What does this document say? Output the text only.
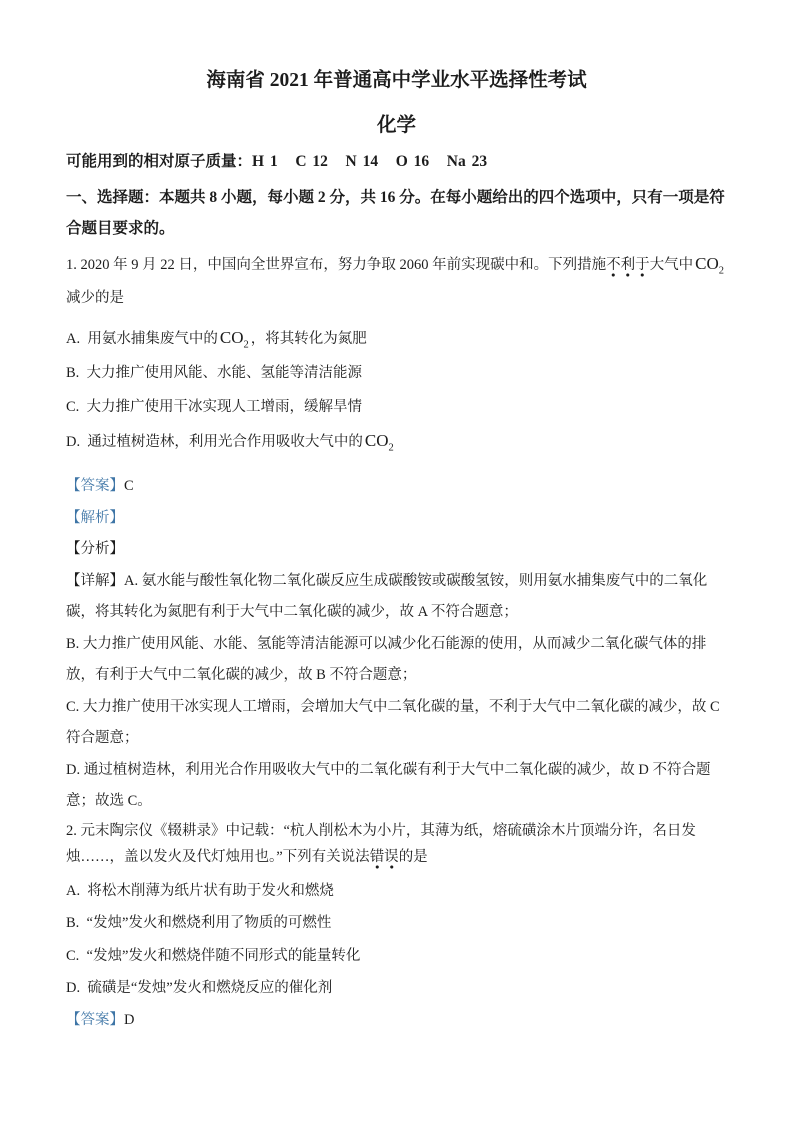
海南省 2021 年普通高中学业水平选择性考试
化学

可能用到的相对原子质量：H 1   C 12   N 14   O 16   Na 23

一、选择题：本题共 8 小题，每小题 2 分，共 16 分。在每小题给出的四个选项中，只有一项是符合题目要求的。

1. 2020 年 9 月 22 日，中国向全世界宣布，努力争取 2060 年前实现碳中和。下列措施不利于大气中 $CO_2$减少的是

A.  用氨水捕集废气中的 $CO_2$ ，将其转化为氮肥

B.  大力推广使用风能、水能、氢能等清洁能源

C.  大力推广使用干冰实现人工增雨，缓解旱情

D.  通过植树造林，利用光合作用吸收大气中的 $CO_2$

【答案】C

【解析】

【分析】

【详解】A. 氨水能与酸性氧化物二氧化碳反应生成碳酸铵或碳酸氢铵，则用氨水捕集废气中的二氧化碳，将其转化为氮肥有利于大气中二氧化碳的减少，故 A 不符合题意；

B. 大力推广使用风能、水能、氢能等清洁能源可以减少化石能源的使用，从而减少二氧化碳气体的排放，有利于大气中二氧化碳的减少，故 B 不符合题意；

C. 大力推广使用干冰实现人工增雨，会增加大气中二氧化碳的量，不利于大气中二氧化碳的减少，故 C 符合题意；

D. 通过植树造林，利用光合作用吸收大气中的二氧化碳有利于大气中二氧化碳的减少，故 D 不符合题意；故选 C。

2. 元末陶宗仪《辍耕录》中记载：“杭人削松木为小片，其薄为纸，熔硫磺涂木片顶端分许，名日发烛……，盖以发火及代灯烛用也。”下列有关说法错误的是

A.  将松木削薄为纸片状有助于发火和燃烧

B.  “发烛”发火和燃烧利用了物质的可燃性

C.  “发烛”发火和燃烧伴随不同形式的能量转化

D.  硫磺是“发烛”发火和燃烧反应的催化剂

【答案】D
